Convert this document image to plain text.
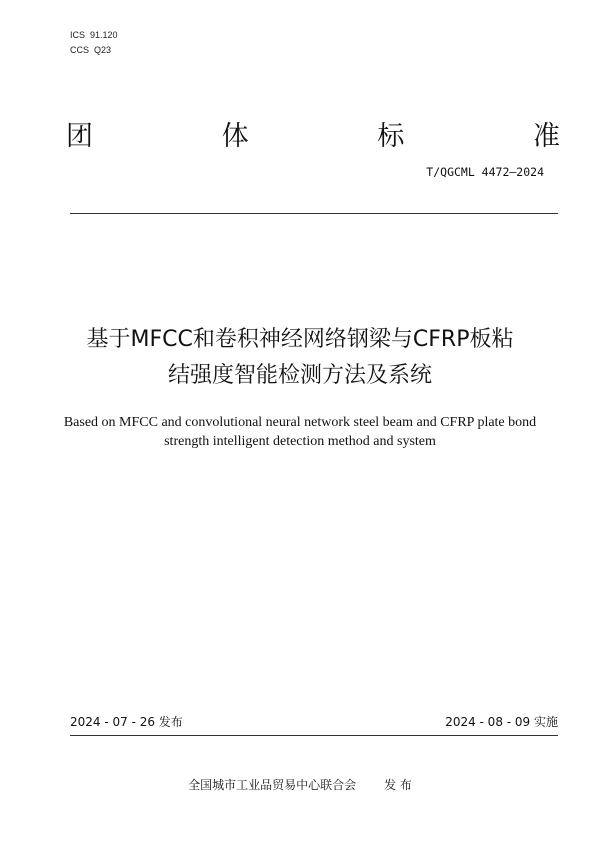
ICS  91.120
CCS  Q23
团	体	标	准
T/QGCML 4472—2024
基于MFCC和卷积神经网络钢梁与CFRP板粘
结强度智能检测方法及系统
Based on MFCC and convolutional neural network steel beam and CFRP plate bond
strength intelligent detection method and system
2024 - 07 - 26 发布	2024 - 08 - 09 实施
全国城市工业品贸易中心联合会 发 布
